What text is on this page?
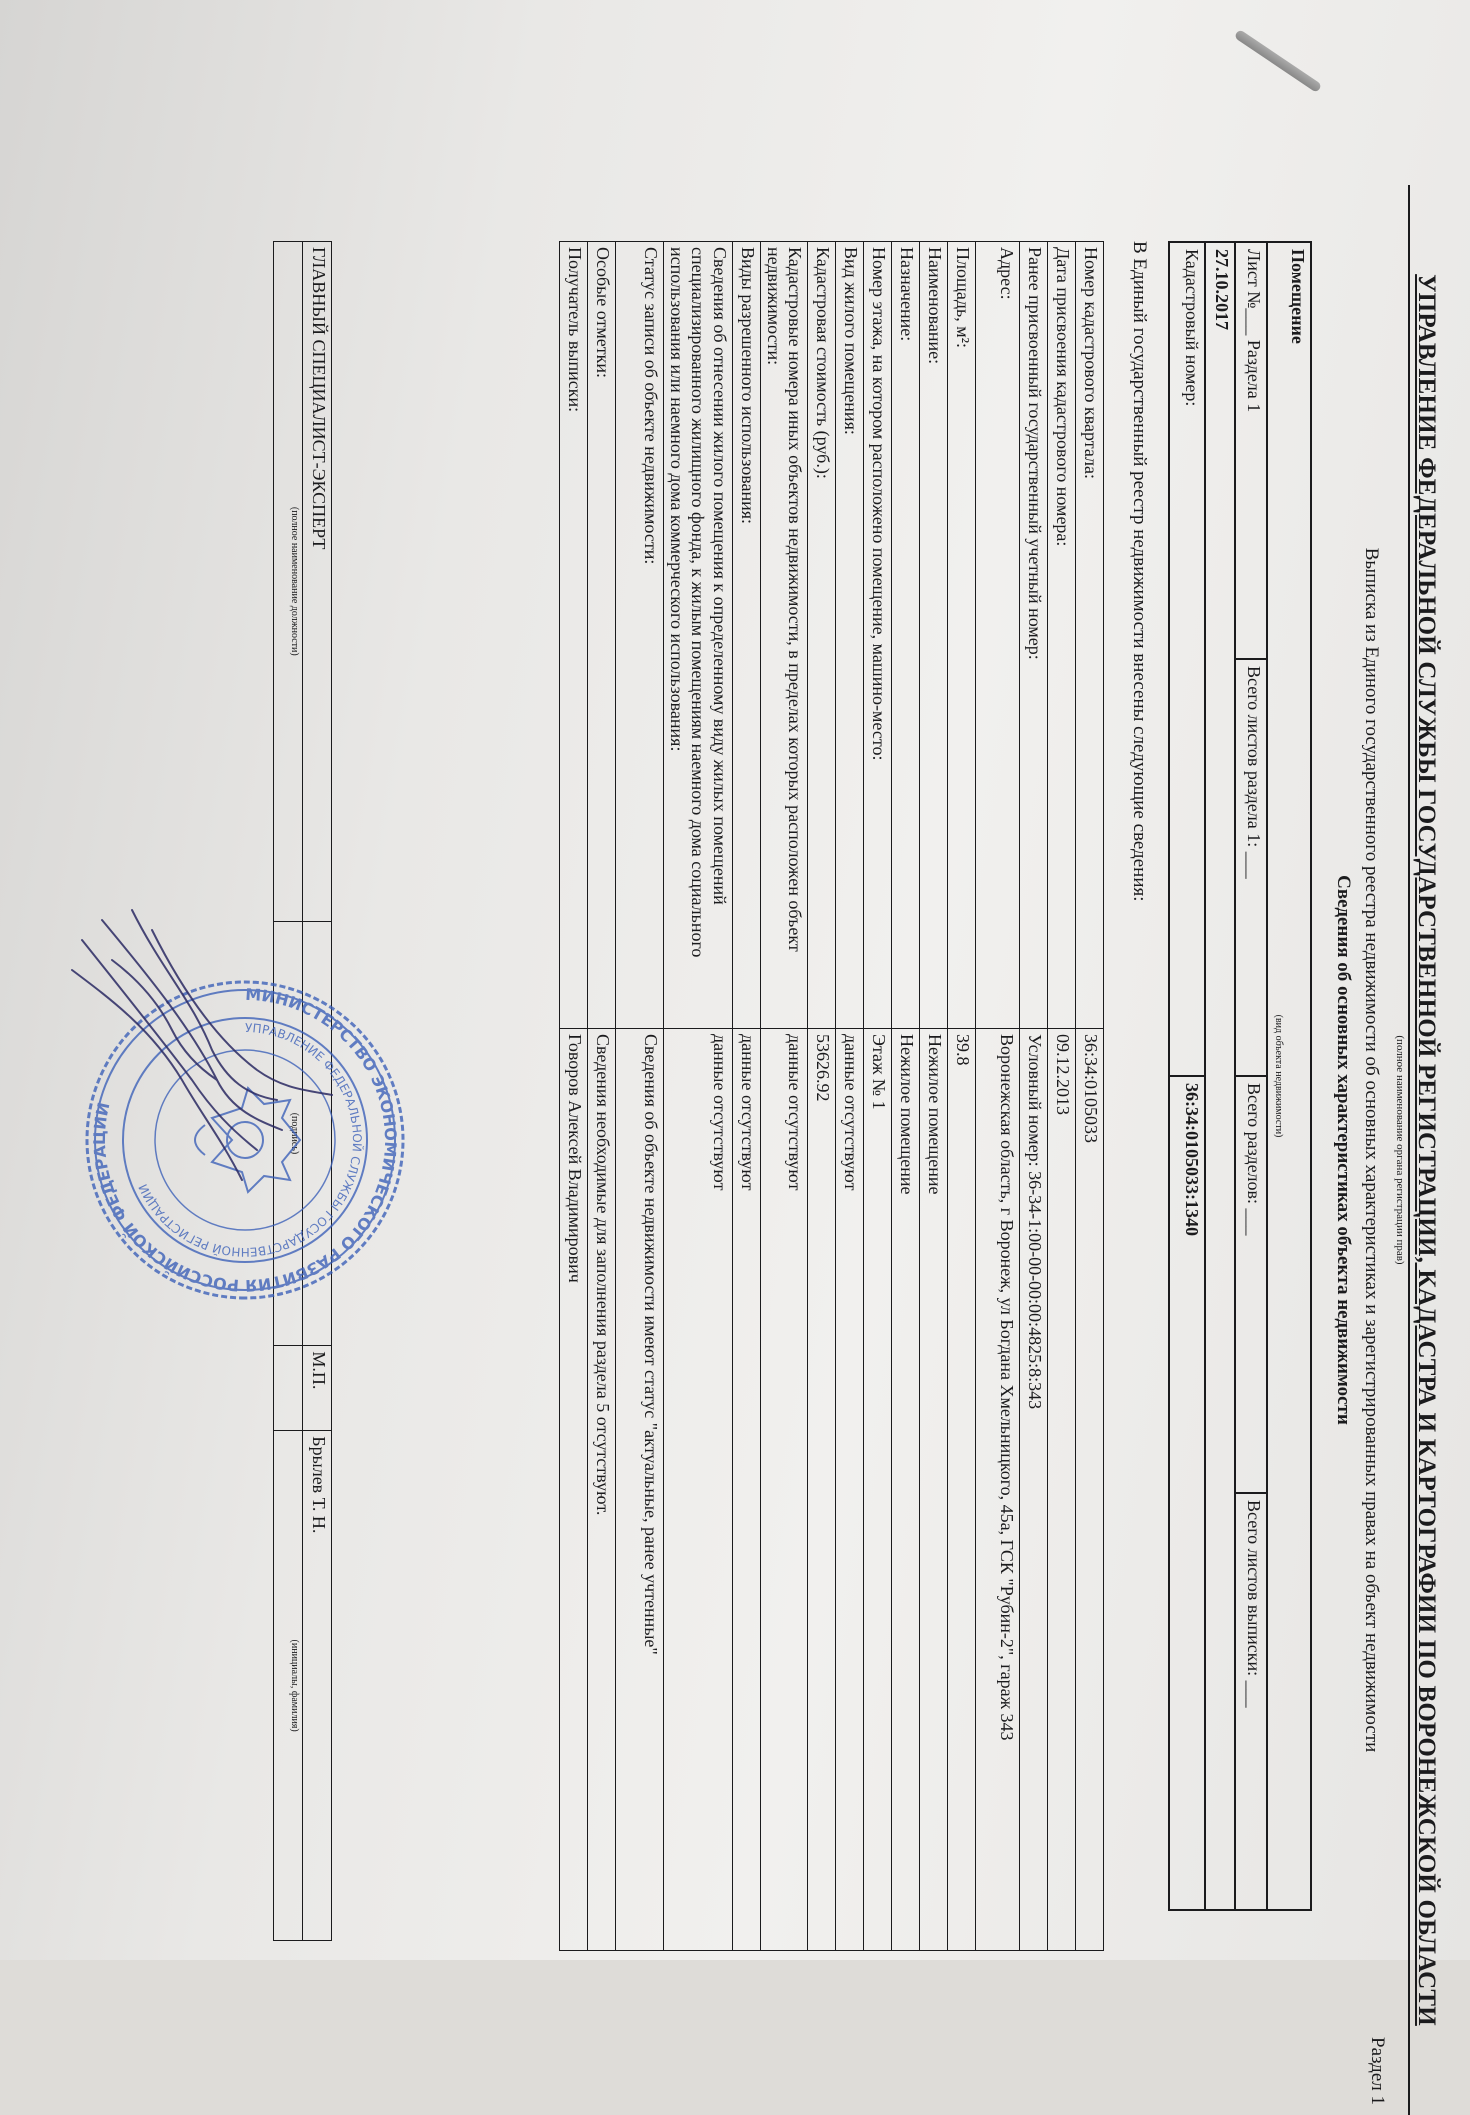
УПРАВЛЕНИЕ ФЕДЕРАЛЬНОЙ СЛУЖБЫ ГОСУДАРСТВЕННОЙ РЕГИСТРАЦИИ, КАДАСТРА И КАРТОГРАФИИ ПО ВОРОНЕЖСКОЙ ОБЛАСТИ
(полное наименование органа регистрации прав)
Раздел 1
Выписка из Единого государственного реестра недвижимости об основных характеристиках и зарегистрированных правах на объект недвижимости
Сведения об основных характеристиках объекта недвижимости
Помещение
(вид объекта недвижимости)			

Лист №___ Раздела 1	Всего листов раздела 1: ___	Всего разделов: ___	Всего листов выписки: ___
27.10.2017			
Кадастровый номер:		36:34:0105033:1340	
В Единый государственный реестр недвижимости внесены следующие сведения:
Номер кадастрового квартала:	36:34:0105033
Дата присвоения кадастрового номера:	09.12.2013
Ранее присвоенный государственный учетный номер:	Условный номер: 36-34-1:00-00-00:00:4825:8:343
Адрес:	Воронежская область, г Воронеж, ул Богдана Хмельницкого, 45а, ГСК "Рубин-2", гараж 343
Площадь, м²:	39.8
Наименование:	Нежилое помещение
Назначение:	Нежилое помещение
Номер этажа, на котором расположено помещение, машино-место:	Этаж № 1
Вид жилого помещения:	данные отсутствуют
Кадастровая стоимость (руб.):	53626.92
Кадастровые номера иных объектов недвижимости, в пределах которых расположен объект недвижимости:	данные отсутствуют
Виды разрешенного использования:	данные отсутствуют
Сведения об отнесении жилого помещения к определенному виду жилых помещений специализированного жилищного фонда, к жилым помещениям наемного дома социального использования или наемного дома коммерческого использования:	данные отсутствуют
Статус записи об объекте недвижимости:	Сведения об объекте недвижимости имеют статус "актуальные, ранее учтенные"
Особые отметки:	Сведения необходимые для заполнения раздела 5 отсутствуют.
Получатель выписки:	Говоров Алексей Владимирович
ГЛАВНЫЙ СПЕЦИАЛИСТ-ЭКСПЕРТ		М.П.	Брылев Т. Н.
(полное наименование должности)	(подпись)		(инициалы, фамилия)
МИНИСТЕРСТВО ЭКОНОМИЧЕСКОГО РАЗВИТИЯ РОССИЙСКОЙ ФЕДЕРАЦИИ
УПРАВЛЕНИЕ ФЕДЕРАЛЬНОЙ СЛУЖБЫ ГОСУДАРСТВЕННОЙ РЕГИСТРАЦИИ
